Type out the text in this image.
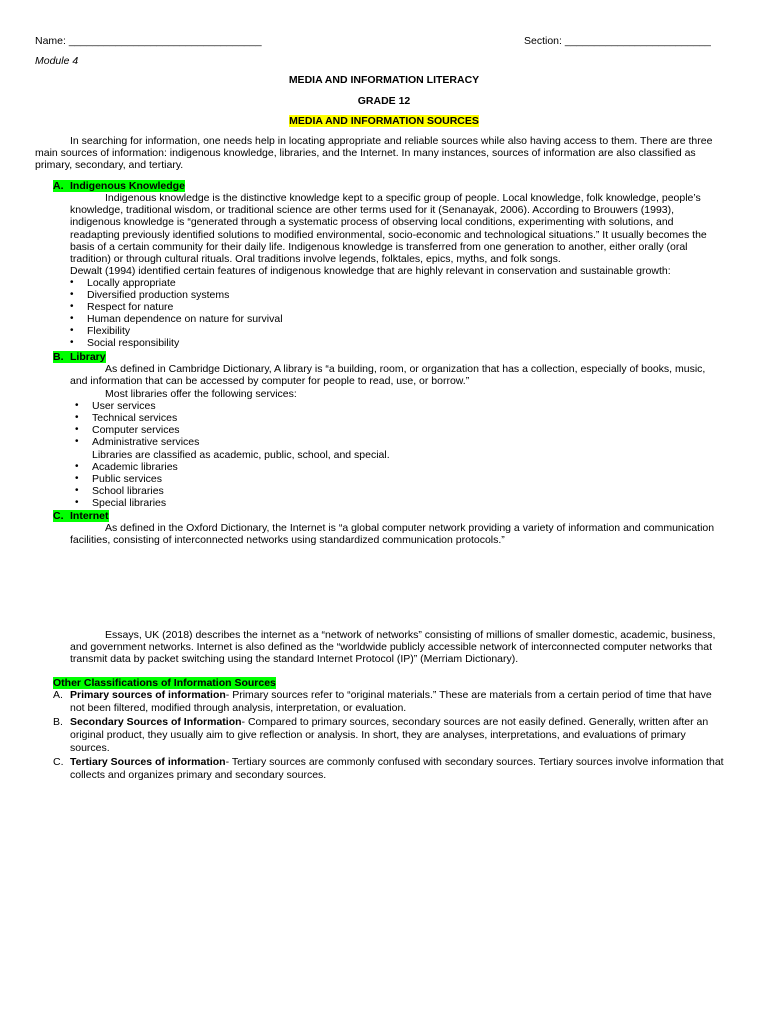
Name: _________________________________	Section: _________________________
Module 4
MEDIA AND INFORMATION LITERACY
GRADE 12
MEDIA AND INFORMATION SOURCES
In searching for information, one needs help in locating appropriate and reliable sources while also having access to them. There are three main sources of information: indigenous knowledge, libraries, and the Internet. In many instances, sources of information are also classified as primary, secondary, and tertiary.
A. Indigenous Knowledge
Indigenous knowledge is the distinctive knowledge kept to a specific group of people. Local knowledge, folk knowledge, people’s knowledge, traditional wisdom, or traditional science are other terms used for it (Senanayak, 2006). According to Brouwers (1993), indigenous knowledge is “generated through a systematic process of observing local conditions, experimenting with solutions, and readapting previously identified solutions to modified environmental, socio-economic and technological situations.” It usually becomes the basis of a certain community for their daily life. Indigenous knowledge is transferred from one generation to another, either orally (oral tradition) or through cultural rituals. Oral traditions involve legends, folktales, epics, myths, and folk songs.
Dewalt (1994) identified certain features of indigenous knowledge that are highly relevant in conservation and sustainable growth:
• Locally appropriate
• Diversified production systems
• Respect for nature
• Human dependence on nature for survival
• Flexibility
• Social responsibility
B. Library
As defined in Cambridge Dictionary, A library is “a building, room, or organization that has a collection, especially of books, music, and information that can be accessed by computer for people to read, use, or borrow.”
Most libraries offer the following services:
• User services
• Technical services
• Computer services
• Administrative services
Libraries are classified as academic, public, school, and special.
• Academic libraries
• Public services
• School libraries
• Special libraries
C. Internet
As defined in the Oxford Dictionary, the Internet is “a global computer network providing a variety of information and communication facilities, consisting of interconnected networks using standardized communication protocols.”
Essays, UK (2018) describes the internet as a “network of networks” consisting of millions of smaller domestic, academic, business, and government networks. Internet is also defined as the “worldwide publicly accessible network of interconnected computer networks that transmit data by packet switching using the standard Internet Protocol (IP)” (Merriam Dictionary).
Other Classifications of Information Sources
A. Primary sources of information- Primary sources refer to “original materials.” These are materials from a certain period of time that have not been filtered, modified through analysis, interpretation, or evaluation.
B. Secondary Sources of Information- Compared to primary sources, secondary sources are not easily defined. Generally, written after an original product, they usually aim to give reflection or analysis. In short, they are analyses, interpretations, and evaluations of primary sources.
C. Tertiary Sources of information- Tertiary sources are commonly confused with secondary sources. Tertiary sources involve information that collects and organizes primary and secondary sources.
